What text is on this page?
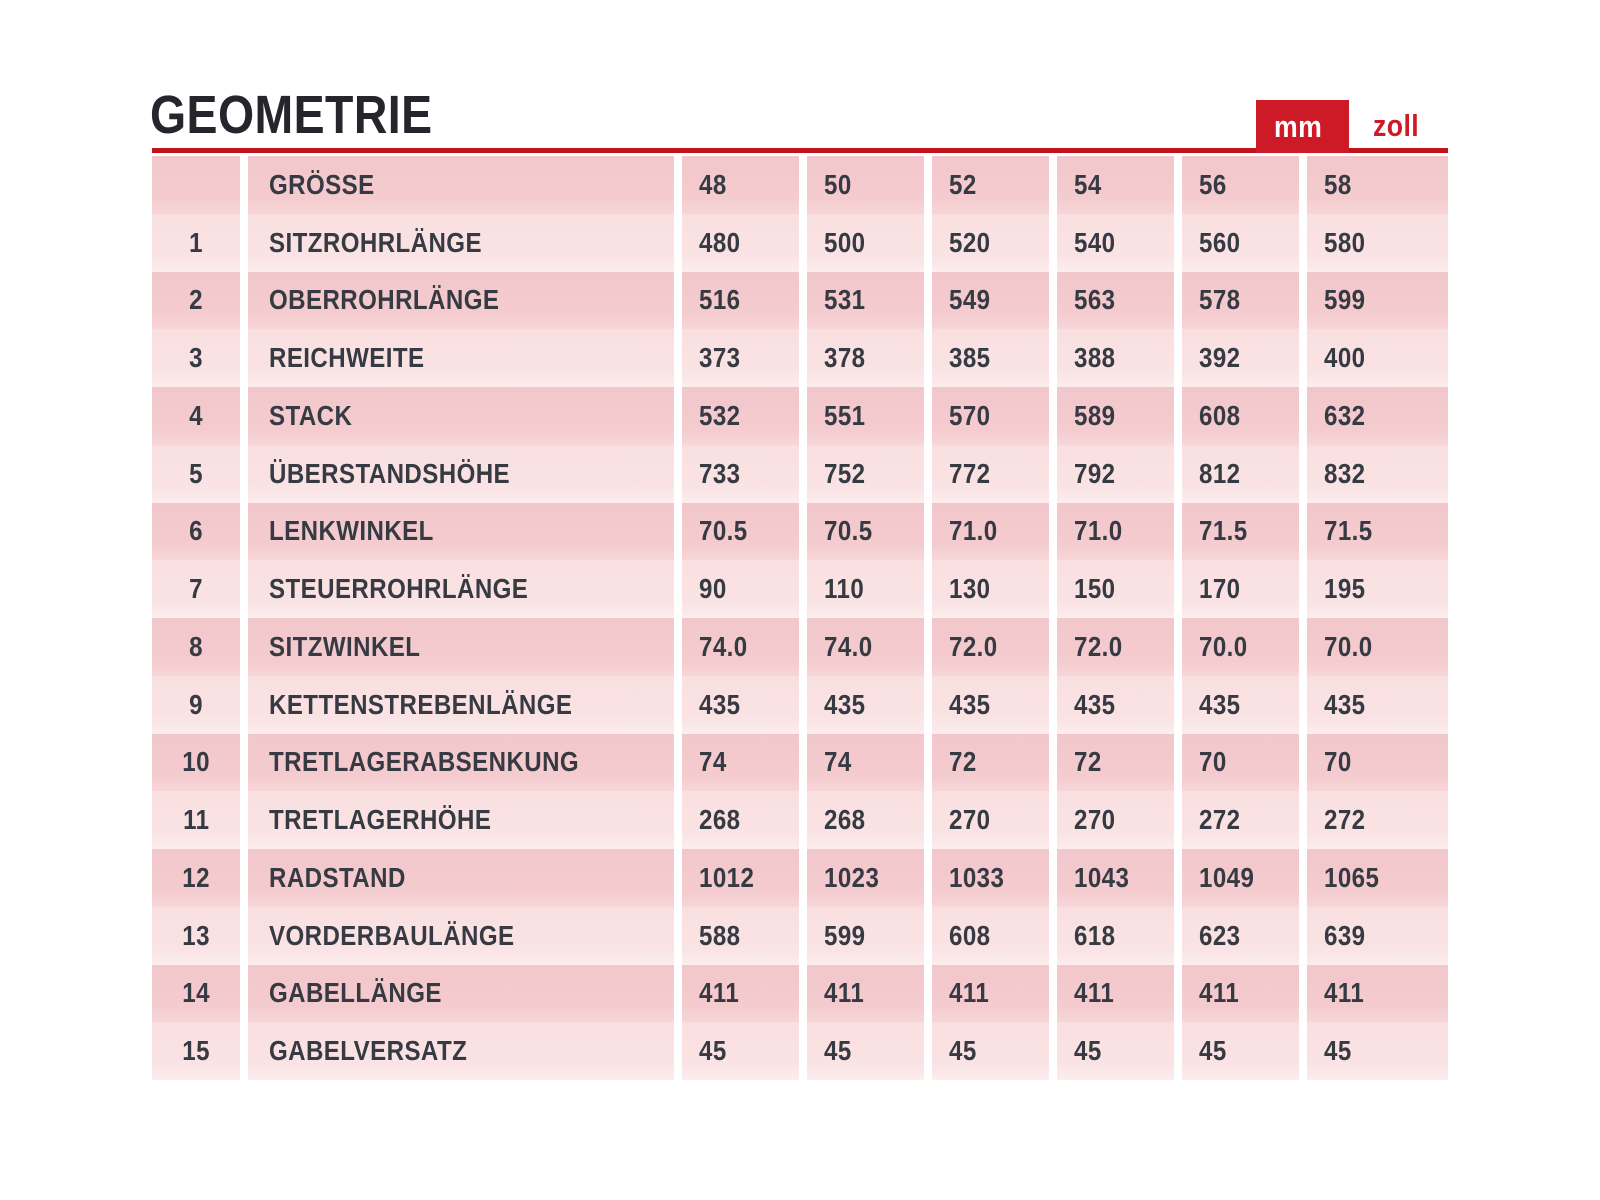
GEOMETRIE	mm zoll
GRÖSSE	48	50	52	54	56	58
1 SITZROHRLÄNGE	480	500	520	540	560	580
2 OBERROHRLÄNGE	516	531	549	563	578	599
3 REICHWEITE	373	378	385	388	392	400
4 STACK	532	551	570	589	608	632
5 ÜBERSTANDSHÖHE	733	752	772	792	812	832
6 LENKWINKEL	70.5	70.5	71.0	71.0	71.5	71.5
7 STEUERROHRLÄNGE	90	110	130	150	170	195
8 SITZWINKEL	74.0	74.0	72.0	72.0	70.0	70.0
9 KETTENSTREBENLÄNGE	435	435	435	435	435	435
10 TRETLAGERABSENKUNG	74	74	72	72	70	70
11 TRETLAGERHÖHE	268	268	270	270	272	272
12 RADSTAND	1012 1023 1033 1043 1049 1065
13 VORDERBAULÄNGE	588	599	608	618	623	639
14 GABELLÄNGE	411	411	411	411	411	411
15 GABELVERSATZ	45	45	45	45	45	45
